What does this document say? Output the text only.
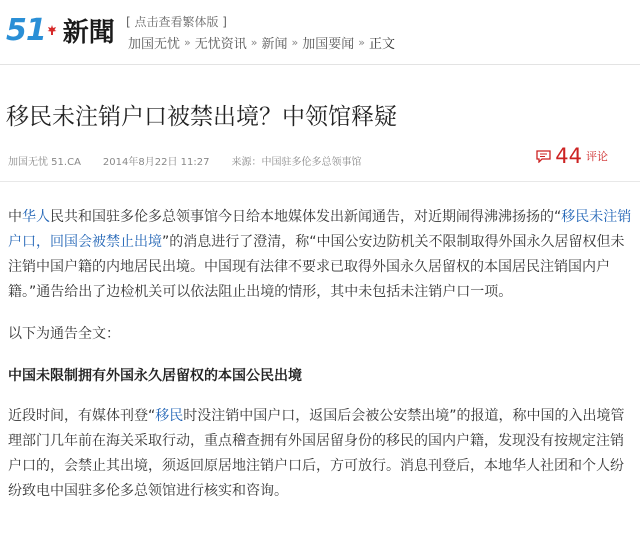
51 新聞 [ 点击查看繁体版 ]
加国无忧 » 无忧资讯 » 新闻 » 加国要闻 » 正文
移民未注销户口被禁出境？中领馆释疑
加国无忧 51.CA 2014年8月22日 11:27 来源：中国驻多伦多总领事馆	44 评论

中华人民共和国驻多伦多总领事馆今日给本地媒体发出新闻通告，对近期闹得沸沸扬扬的“移民未注销户口，回国会被禁止出境”的消息进行了澄清，称“中国公安边防机关不限制取得外国永久居留权但未注销中国户籍的内地居民出境。中国现有法律不要求已取得外国永久居留权的本国居民注销国内户籍。”通告给出了边检机关可以依法阻止出境的情形，其中未包括未注销户口一项。

以下为通告全文：

中国未限制拥有外国永久居留权的本国公民出境

近段时间，有媒体刊登“移民时没注销中国户口，返国后会被公安禁出境”的报道，称中国的入出境管理部门几年前在海关采取行动，重点稽查拥有外国居留身份的移民的国内户籍，发现没有按规定注销户口的，会禁止其出境，须返回原居地注销户口后，方可放行。消息刊登后，本地华人社团和个人纷纷致电中国驻多伦多总领馆进行核实和咨询。
